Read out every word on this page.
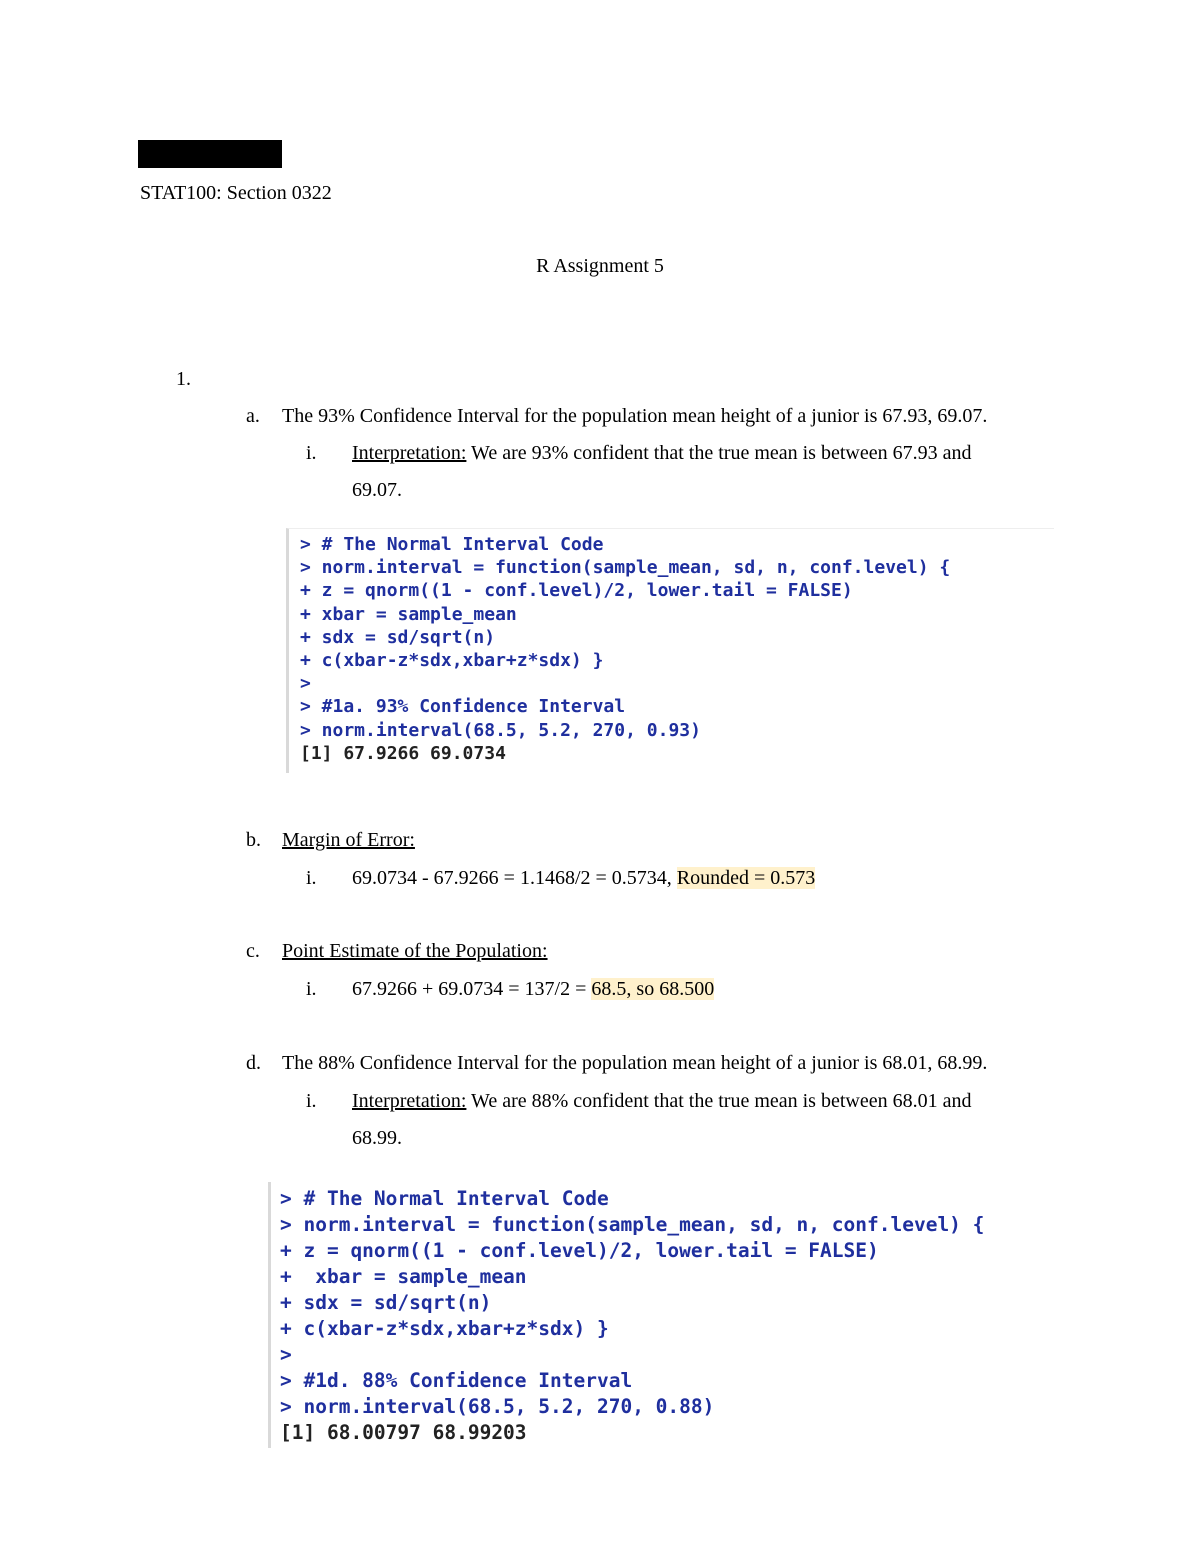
STAT100: Section 0322
R Assignment 5
1.
a. The 93% Confidence Interval for the population mean height of a junior is 67.93, 69.07.
i. Interpretation: We are 93% confident that the true mean is between 67.93 and
69.07.
> # The Normal Interval Code
> norm.interval = function(sample_mean, sd, n, conf.level) {
+ z = qnorm((1 - conf.level)/2, lower.tail = FALSE)
+ xbar = sample_mean
+ sdx = sd/sqrt(n)
+ c(xbar-z*sdx,xbar+z*sdx) }
>
> #1a. 93% Confidence Interval
> norm.interval(68.5, 5.2, 270, 0.93)
[1] 67.9266 69.0734
b. Margin of Error:
i. 69.0734 - 67.9266 = 1.1468/2 = 0.5734, Rounded = 0.573
c. Point Estimate of the Population:
i. 67.9266 + 69.0734 = 137/2 = 68.5, so 68.500
d. The 88% Confidence Interval for the population mean height of a junior is 68.01, 68.99.
i. Interpretation: We are 88% confident that the true mean is between 68.01 and
68.99.
> # The Normal Interval Code
> norm.interval = function(sample_mean, sd, n, conf.level) {
+ z = qnorm((1 - conf.level)/2, lower.tail = FALSE)
+  xbar = sample_mean
+ sdx = sd/sqrt(n)
+ c(xbar-z*sdx,xbar+z*sdx) }
>
> #1d. 88% Confidence Interval
> norm.interval(68.5, 5.2, 270, 0.88)
[1] 68.00797 68.99203
